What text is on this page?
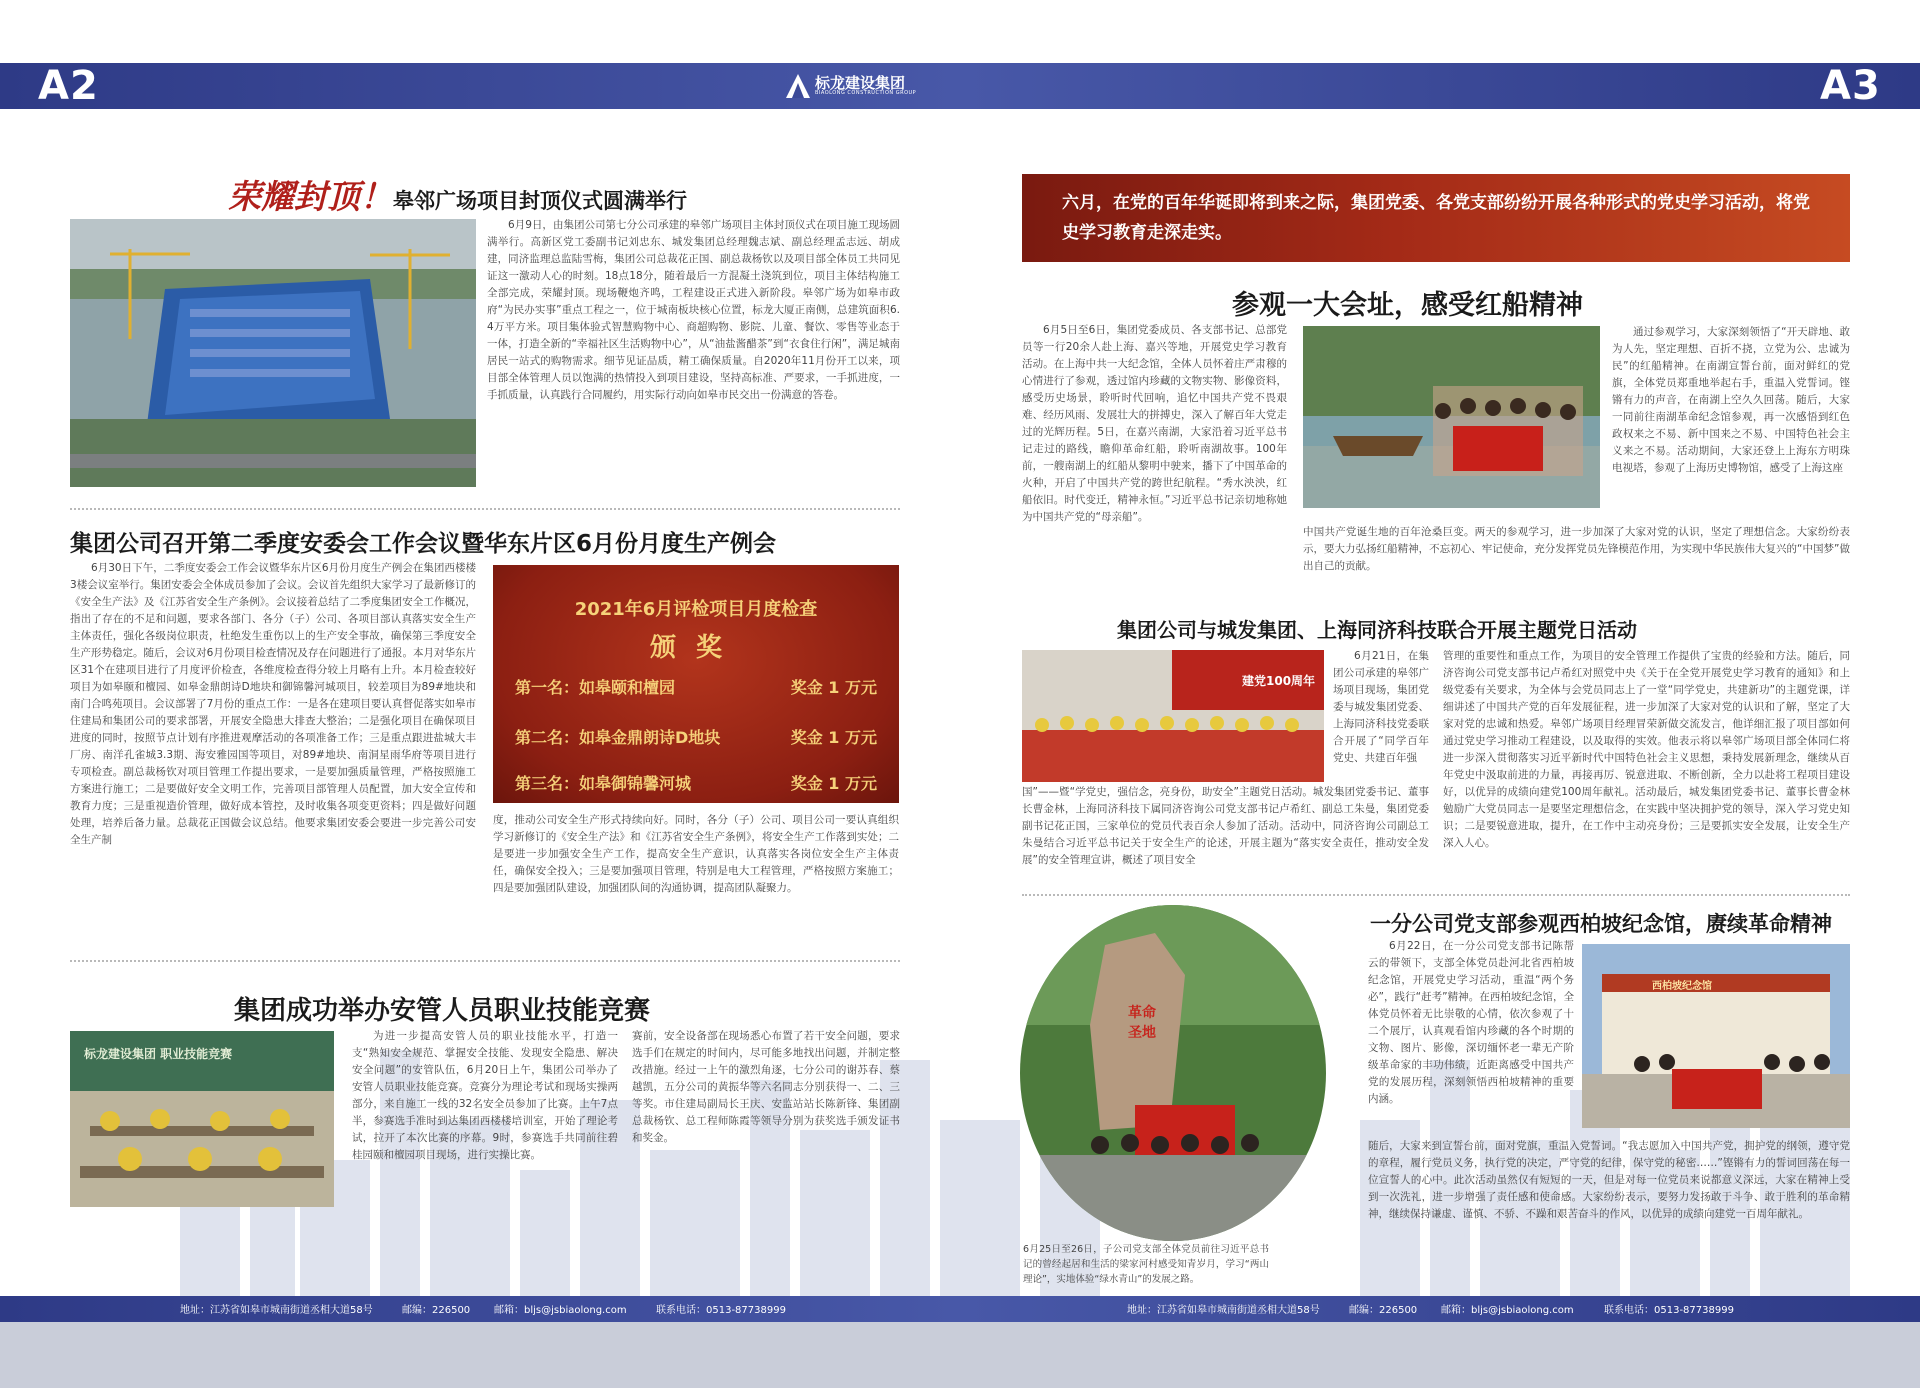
A2	A3
标龙建设集团
BIAOLONG CONSTRUCTION GROUP
荣耀封顶！皋邻广场项目封顶仪式圆满举行
6月9日，由集团公司第七分公司承建的皋邻广场项目主体封顶仪式在项目施工现场圆满举行。高新区党工委副书记刘忠东、城发集团总经理魏志斌、副总经理孟志远、胡成建，同济监理总监陆雪梅，集团公司总裁花正国、副总裁杨钦以及项目部全体员工共同见证这一激动人心的时刻。18点18分，随着最后一方混凝土浇筑到位，项目主体结构施工全部完成，荣耀封顶。现场鞭炮齐鸣，工程建设正式进入新阶段。皋邻广场为如皋市政府“为民办实事”重点工程之一，位于城南板块核心位置，标龙大厦正南侧，总建筑面积6.4万平方米。项目集体验式智慧购物中心、商超购物、影院、儿童、餐饮、零售等业态于一体，打造全新的“幸福社区生活购物中心”，从“油盐酱醋茶”到“衣食住行闲”，满足城南居民一站式的购物需求。细节见证品质，精工确保质量。自2020年11月份开工以来，项目部全体管理人员以饱满的热情投入到项目建设，坚持高标准、严要求，一手抓进度，一手抓质量，认真践行合同履约，用实际行动向如皋市民交出一份满意的答卷。
集团公司召开第二季度安委会工作会议暨华东片区6月份月度生产例会
6月30日下午，二季度安委会工作会议暨华东片区6月份月度生产例会在集团西楼楼3楼会议室举行。集团安委会全体成员参加了会议。会议首先组织大家学习了最新修订的《安全生产法》及《江苏省安全生产条例》。会议接着总结了二季度集团安全工作概况，指出了存在的不足和问题，要求各部门、各分（子）公司、各项目部认真落实安全生产主体责任，强化各级岗位职责，杜绝发生重伤以上的生产安全事故，确保第三季度安全生产形势稳定。随后，会议对6月份项目检查情况及存在问题进行了通报。本月对华东片区31个在建项目进行了月度评价检查，各维度检查得分较上月略有上升。本月检查较好项目为如皋颐和檀园、如皋金鼎朗诗D地块和御锦馨河城项目，较差项目为89#地块和南门合鸣苑项目。会议部署了7月份的重点工作：一是各在建项目要认真督促落实如皋市住建局和集团公司的要求部署，开展安全隐患大排查大整治；二是强化项目在确保项目进度的同时，按照节点计划有序推进观摩活动的各项准备工作；三是重点跟进盐城大丰厂房、南洋孔雀城3.3期、海安雅园国等项目，对89#地块、南洞星雨华府等项目进行专项检查。副总裁杨钦对项目管理工作提出要求，一是要加强质量管理，严格按照施工方案进行施工；二是要做好安全文明工作，完善项目部管理人员配置，加大安全宣传和教育力度；三是重视造价管理，做好成本管控，及时收集各项变更资料；四是做好问题处理，培养后备力量。总裁花正国做会议总结。他要求集团安委会要进一步完善公司安全生产制
2021年6月评检项目月度检查
颁奖
第一名：如皋颐和檀园	奖金 1 万元
第二名：如皋金鼎朗诗D地块	奖金 1 万元
第三名：如皋御锦馨河城	奖金 1 万元
度，推动公司安全生产形式持续向好。同时，各分（子）公司、项目公司一要认真组织学习新修订的《安全生产法》和《江苏省安全生产条例》，将安全生产工作落到实处；二是要进一步加强安全生产工作，提高安全生产意识，认真落实各岗位安全生产主体责任，确保安全投入；三是要加强项目管理，特别是电大工程管理，严格按照方案施工；四是要加强团队建设，加强团队间的沟通协调，提高团队凝聚力。
集团成功举办安管人员职业技能竞赛
标龙建设集团 职业技能竞赛
为进一步提高安管人员的职业技能水平，打造一支“熟知安全规范、掌握安全技能、发现安全隐患、解决安全问题”的安管队伍，6月20日上午，集团公司举办了安管人员职业技能竞赛。竞赛分为理论考试和现场实操两部分，来自施工一线的32名安全员参加了比赛。上午7点半，参赛选手准时到达集团西楼楼培训室，开始了理论考试，拉开了本次比赛的序幕。9时，参赛选手共同前往碧桂园颐和檀园项目现场，进行实操比赛。
赛前，安全设备部在现场悉心布置了若干安全问题，要求选手们在规定的时间内，尽可能多地找出问题，并制定整改措施。经过一上午的激烈角逐，七分公司的谢苏春、蔡越凯，五分公司的黄振华等六名同志分别获得一、二、三等奖。市住建局副局长王庆、安监站站长陈新锋、集团副总裁杨钦、总工程师陈霞等领导分别为获奖选手颁发证书和奖金。
六月，在党的百年华诞即将到来之际，集团党委、各党支部纷纷开展各种形式的党史学习活动，将党史学习教育走深走实。
参观一大会址，感受红船精神
6月5日至6日，集团党委成员、各支部书记、总部党员等一行20余人赴上海、嘉兴等地，开展党史学习教育活动。在上海中共一大纪念馆，全体人员怀着庄严肃穆的心情进行了参观，透过馆内珍藏的文物实物、影像资料，感受历史场景，聆听时代回响，追忆中国共产党不畏艰难、经历风雨、发展壮大的拼搏史，深入了解百年大党走过的光辉历程。5日，在嘉兴南湖，大家沿着习近平总书记走过的路线，瞻仰革命红船，聆听南湖故事。100年前，一艘南湖上的红船从黎明中驶来，播下了中国革命的火种，开启了中国共产党的跨世纪航程。“秀水泱泱，红船依旧。时代变迁，精神永恒。”习近平总书记亲切地称她为中国共产党的“母亲船”。
通过参观学习，大家深刻领悟了“开天辟地、敢为人先，坚定理想、百折不挠，立党为公、忠诚为民”的红船精神。在南湖宣誓台前，面对鲜红的党旗，全体党员郑重地举起右手，重温入党誓词。铿锵有力的声音，在南湖上空久久回荡。随后，大家一同前往南湖革命纪念馆参观，再一次感悟到红色政权来之不易、新中国来之不易、中国特色社会主义来之不易。活动期间，大家还登上上海东方明珠电视塔，参观了上海历史博物馆，感受了上海这座
中国共产党诞生地的百年沧桑巨变。两天的参观学习，进一步加深了大家对党的认识，坚定了理想信念。大家纷纷表示，要大力弘扬红船精神，不忘初心、牢记使命，充分发挥党员先锋模范作用，为实现中华民族伟大复兴的“中国梦”做出自己的贡献。
集团公司与城发集团、上海同济科技联合开展主题党日活动
建党100周年
6月21日，在集团公司承建的皋邻广场项目现场，集团党委与城发集团党委、上海同济科技党委联合开展了“同学百年党史、共建百年强
国”——暨“学党史，强信念，亮身份，助安全”主题党日活动。城发集团党委书记、董事长曹金林，上海同济科技下属同济咨询公司党支部书记卢希红、副总工朱曼，集团党委副书记花正国，三家单位的党员代表百余人参加了活动。活动中，同济咨询公司副总工朱曼结合习近平总书记关于安全生产的论述，开展主题为“落实安全责任，推动安全发展”的安全管理宣讲，概述了项目安全
管理的重要性和重点工作，为项目的安全管理工作提供了宝贵的经验和方法。随后，同济咨询公司党支部书记卢希红对照党中央《关于在全党开展党史学习教育的通知》和上级党委有关要求，为全体与会党员同志上了一堂“同学党史，共建新功”的主题党课，详细讲述了中国共产党的百年发展征程，进一步加深了大家对党的认识和了解，坚定了大家对党的忠诚和热爱。皋邻广场项目经理冒荣新做交流发言，他详细汇报了项目部如何通过党史学习推动工程建设，以及取得的实效。他表示将以皋邻广场项目部全体同仁将进一步深入贯彻落实习近平新时代中国特色社会主义思想，秉持发展新理念，继续从百年党史中汲取前进的力量，再接再厉、锐意进取、不断创新，全力以赴将工程项目建设好，以优异的成绩向建党100周年献礼。活动最后，城发集团党委书记、董事长曹金林勉励广大党员同志一是要坚定理想信念，在实践中坚决拥护党的领导，深入学习党史知识；二是要锐意进取，提升，在工作中主动亮身份；三是要抓实安全发展，让安全生产深入人心。
一分公司党支部参观西柏坡纪念馆，赓续革命精神
革命圣地
6月25日至26日，子公司党支部全体党员前往习近平总书记的曾经起居和生活的梁家河村感受知青岁月，学习“两山理论”，实地体验“绿水青山”的发展之路。
6月22日，在一分公司党支部书记陈帮云的带领下，支部全体党员赴河北省西柏坡纪念馆，开展党史学习活动，重温“两个务必”，践行“赶考”精神。在西柏坡纪念馆，全体党员怀着无比崇敬的心情，依次参观了十二个展厅，认真观看馆内珍藏的各个时期的文物、图片、影像，深切缅怀老一辈无产阶级革命家的丰功伟绩，近距离感受中国共产党的发展历程，深刻领悟西柏坡精神的重要内涵。
西柏坡纪念馆
随后，大家来到宣誓台前，面对党旗，重温入党誓词。“我志愿加入中国共产党，拥护党的纲领，遵守党的章程，履行党员义务，执行党的决定，严守党的纪律，保守党的秘密……”铿锵有力的誓词回荡在每一位宣誓人的心中。此次活动虽然仅有短短的一天，但是对每一位党员来说都意义深远，大家在精神上受到一次洗礼，进一步增强了责任感和使命感。大家纷纷表示，要努力发扬敢于斗争、敢于胜利的革命精神，继续保持谦虚、谨慎、不骄、不躁和艰苦奋斗的作风，以优异的成绩向建党一百周年献礼。
地址：江苏省如皋市城南街道丞相大道58号	邮编：226500 邮箱：bljs@jsbiaolong.com	联系电话：0513-87738999	地址：江苏省如皋市城南街道丞相大道58号	邮编：226500 邮箱：bljs@jsbiaolong.com	联系电话：0513-87738999
